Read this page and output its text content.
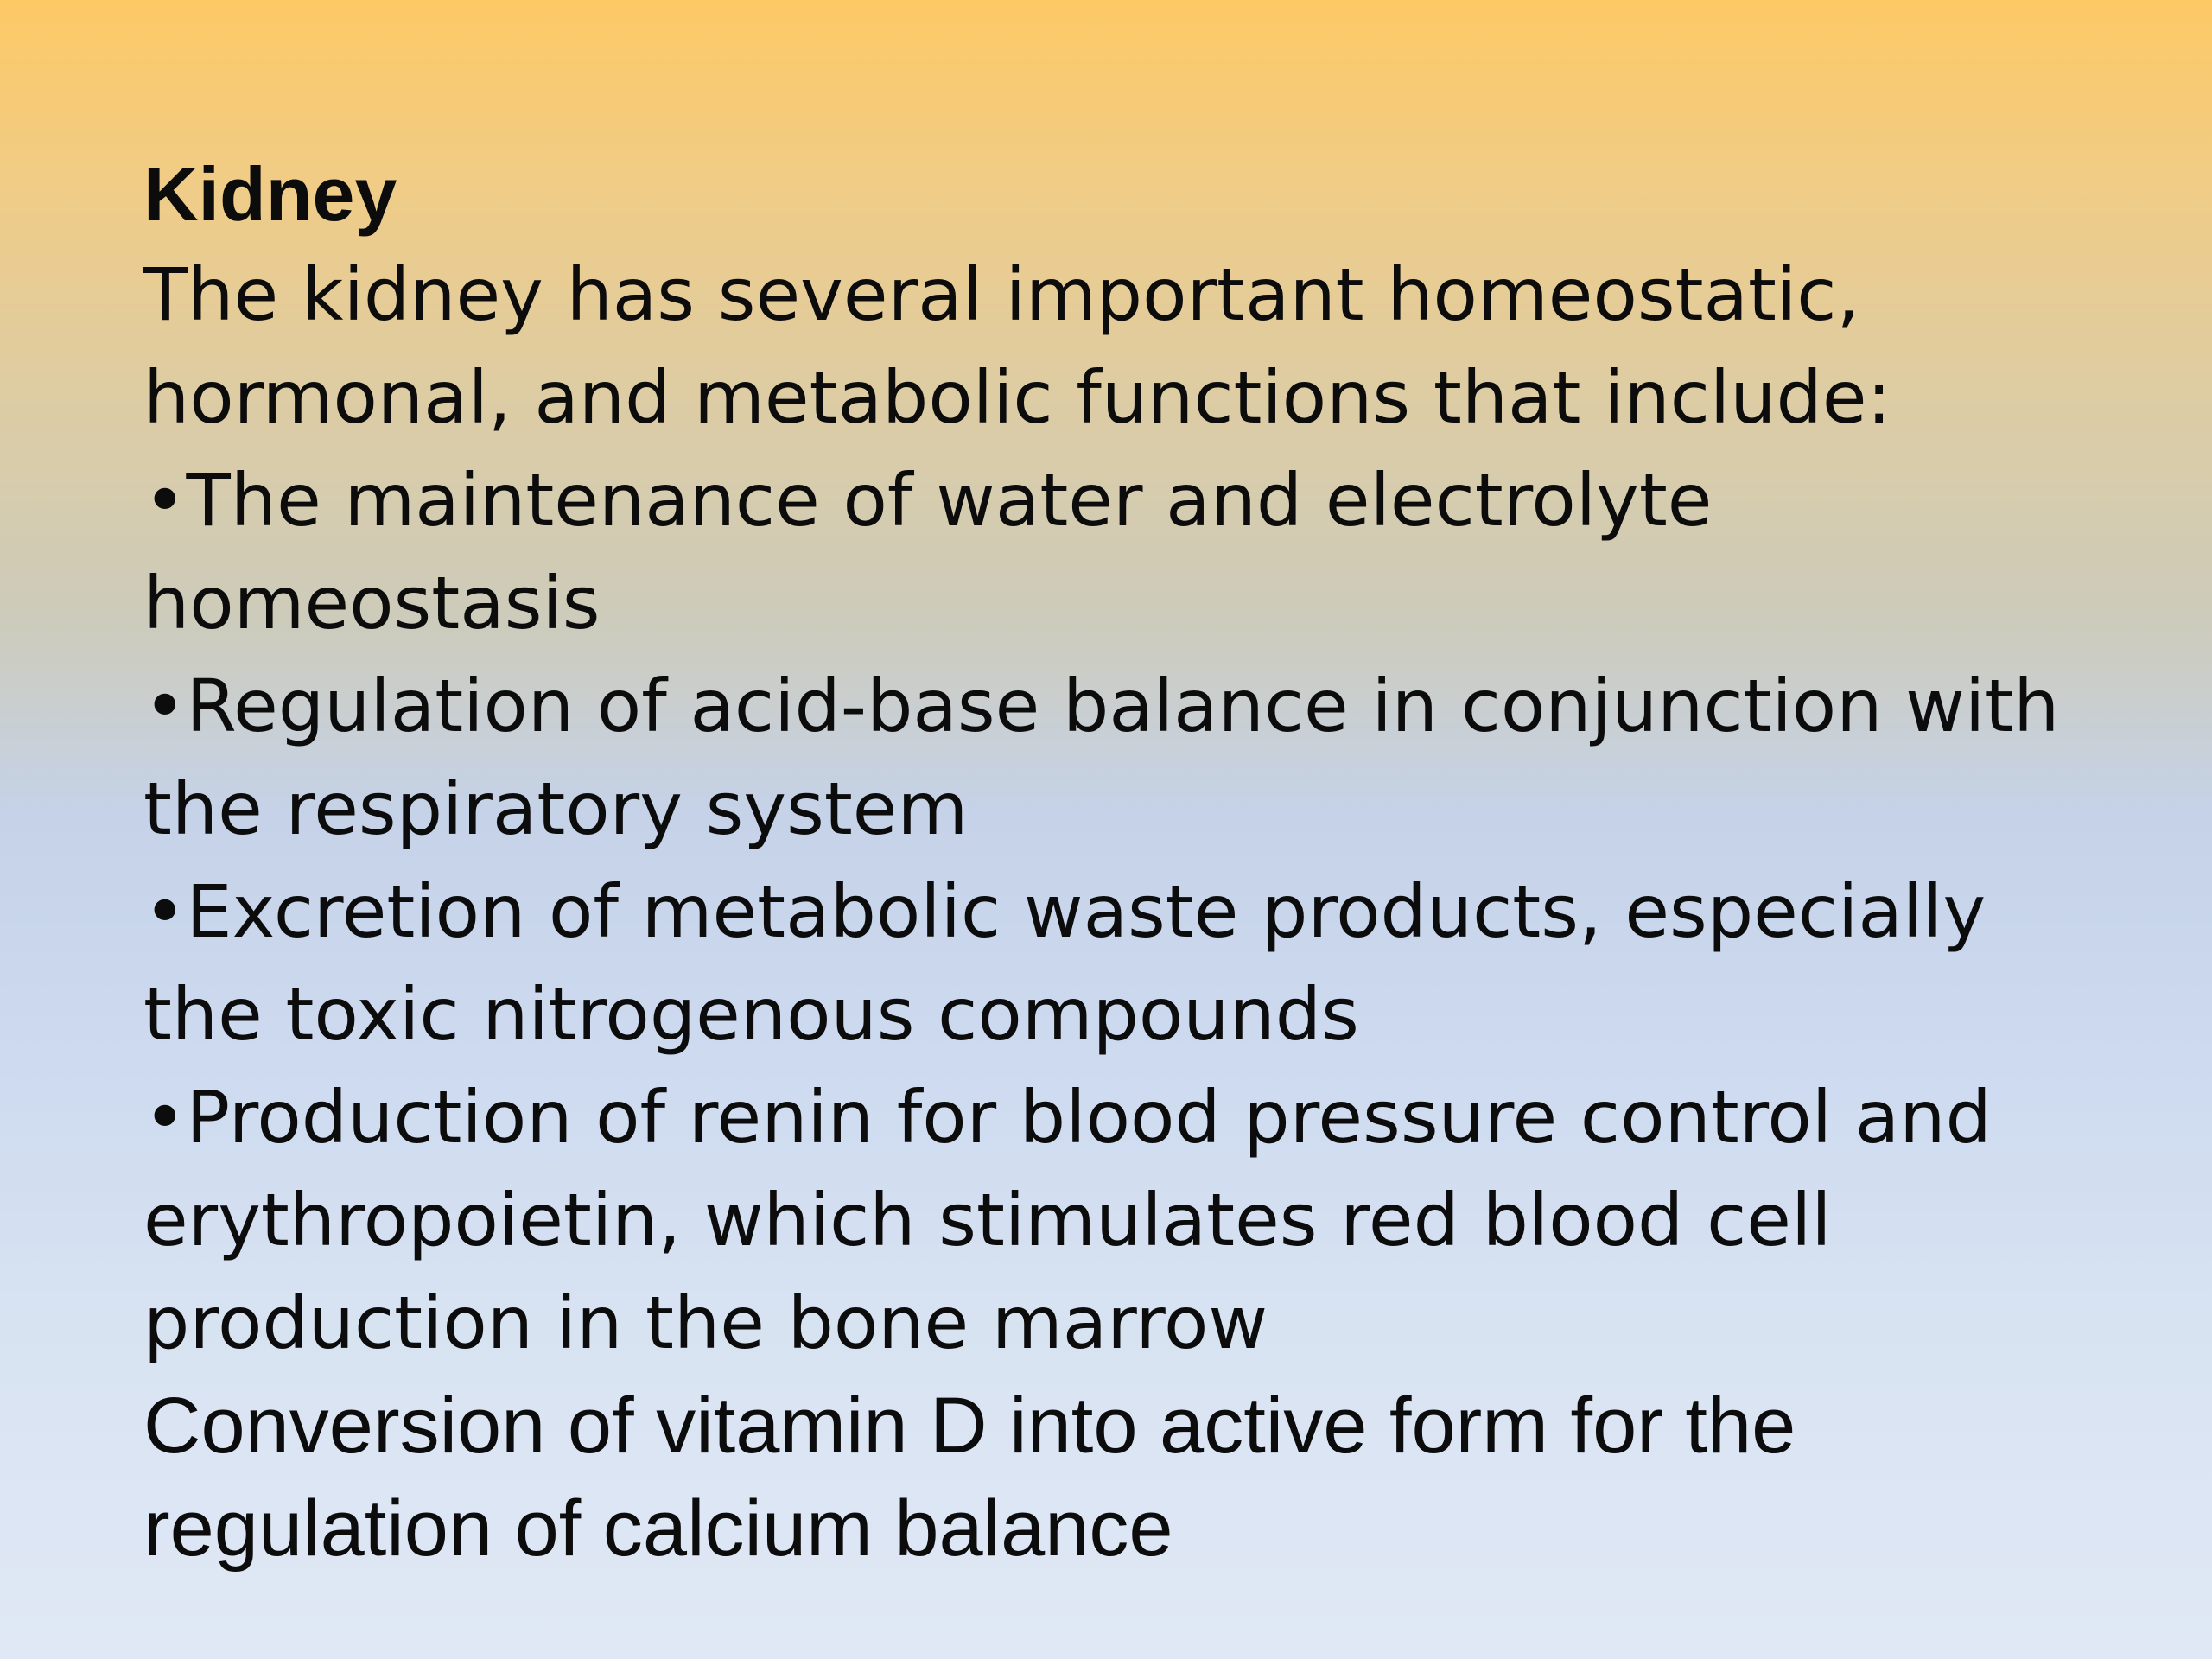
Kidney
The kidney has several important homeostatic,
hormonal, and metabolic functions that include:
•The maintenance of water and electrolyte
homeostasis
•Regulation of acid-base balance in conjunction with
the respiratory system
•Excretion of metabolic waste products, especially
the toxic nitrogenous compounds
•Production of renin for blood pressure control and
erythropoietin, which stimulates red blood cell
production in the bone marrow
Conversion of vitamin D into active form for the
regulation of calcium balance
